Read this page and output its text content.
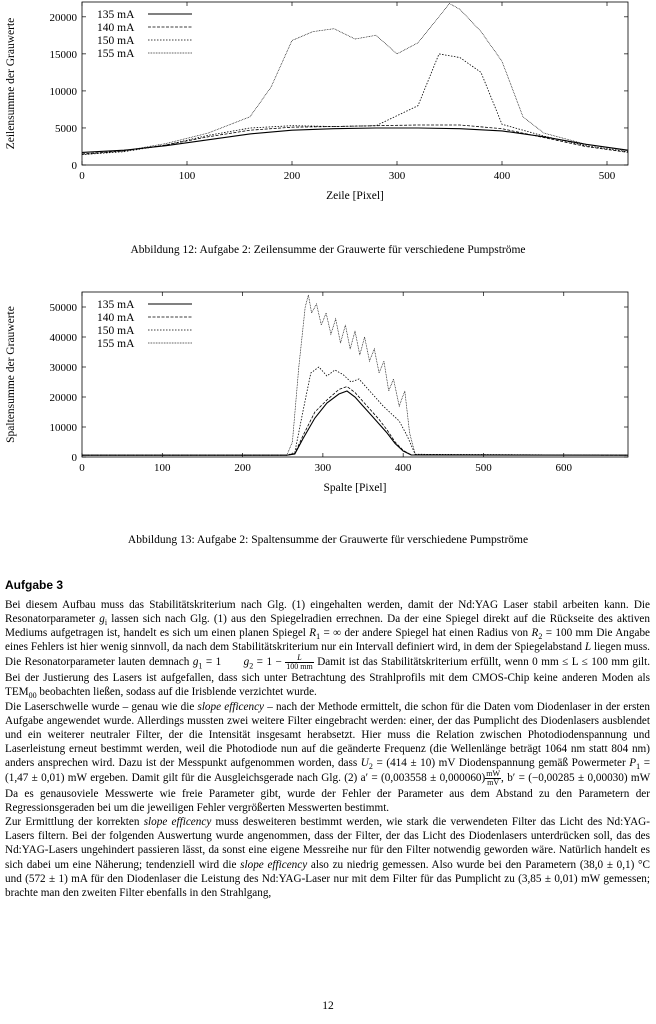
0	100	200	300	400	500
0
5000
10000
15000
20000
Zeile [Pixel]
Zeilensumme der Grauwerte
135 mA
140 mA
150 mA
155 mA
Abbildung 12: Aufgabe 2: Zeilensumme der Grauwerte für verschiedene Pumpströme
0	100	200	300	400	500	600
0
10000
20000
30000
40000
50000
Spalte [Pixel]
Spaltensumme der Grauwerte
135 mA
140 mA
150 mA
155 mA
Abbildung 13: Aufgabe 2: Spaltensumme der Grauwerte für verschiedene Pumpströme
Aufgabe 3

Bei diesem Aufbau muss das Stabilitätskriterium nach Glg. (1) eingehalten werden, damit der Nd:YAG Laser stabil arbeiten kann. Die Resonatorparameter $g_i$ lassen sich nach Glg. (1) aus den Spiegelradien errechnen. Da der eine Spiegel direkt auf die Rückseite des aktiven Mediums aufgetragen ist, handelt es sich um einen planen Spiegel $R_1$ = ∞ der andere Spiegel hat einen Radius von $R_2 = 100$ mm Die Angabe eines Fehlers ist hier wenig sinnvoll, da nach dem Stabilitätskriterium nur ein Intervall definiert wird, in dem der Spiegelabstand L liegen muss. Die Resonatorparameter lauten demnach $g_1 = 1$   $g_2 = 1 - \frac{L}{100 mm}$ Damit ist das Stabilitätskriterium erfüllt, wenn 0 mm ≤ L ≤ 100 mm gilt. Bei der Justierung des Lasers ist aufgefallen, dass sich unter Betrachtung des Strahlprofils mit dem CMOS-Chip keine anderen Moden als $TEM_{00}$ beobachten ließen, sodass auf die Irisblende verzichtet wurde.

Die Laserschwelle wurde – genau wie die slope efficency – nach der Methode ermittelt, die schon für die Daten vom Diodenlaser in der ersten Aufgabe angewendet wurde. Allerdings mussten zwei weitere Filter eingebracht werden: einer, der das Pumplicht des Diodenlasers ausblendet und ein weiterer neutraler Filter, der die Intensität insgesamt herabsetzt. Hier muss die Relation zwischen Photodiodenspannung und Laserleistung erneut bestimmt werden, weil die Photodiode nun auf die geänderte Frequenz (die Wellenlänge beträgt 1064 nm statt 804 nm) anders ansprechen wird. Dazu ist der Messpunkt aufgenommen worden, dass $U_2 = (414 \pm 10)$ mV Diodenspannung gemäß Powermeter $P_1 = (1,47 \pm 0,01)$ mW ergeben. Damit gilt für die Ausgleichsgerade nach Glg. (2) $a' = (0,003558 \pm 0,000060) \frac{mW}{mV}$ , b′ = (−0,00285 ± 0,00030) mW Da es genausoviele Messwerte wie freie Parameter gibt, wurde der Fehler der Parameter aus dem Abstand zu den Parametern der Regressionsgeraden bei um die jeweiligen Fehler vergrößerten Messwerten bestimmt.

Zur Ermittlung der korrekten slope efficency muss desweiteren bestimmt werden, wie stark die verwendeten Filter das Licht des Nd:YAG-Lasers filtern. Bei der folgenden Auswertung wurde angenommen, dass der Filter, der das Licht des Diodenlasers unterdrücken soll, das des Nd:YAG-Lasers ungehindert passieren lässt, da sonst eine eigene Messreihe nur für den Filter notwendig geworden wäre. Natürlich handelt es sich dabei um eine Näherung; tendenziell wird die slope efficency also zu niedrig gemessen. Also wurde bei den Parametern (38,0 ± 0,1) °C und (572 ± 1) mA für den Diodenlaser die Leistung des Nd:YAG-Laser nur mit dem Filter für das Pumplicht zu (3,85 ± 0,01) mW gemessen; brachte man den zweiten Filter ebenfalls in den Strahlgang,

12
